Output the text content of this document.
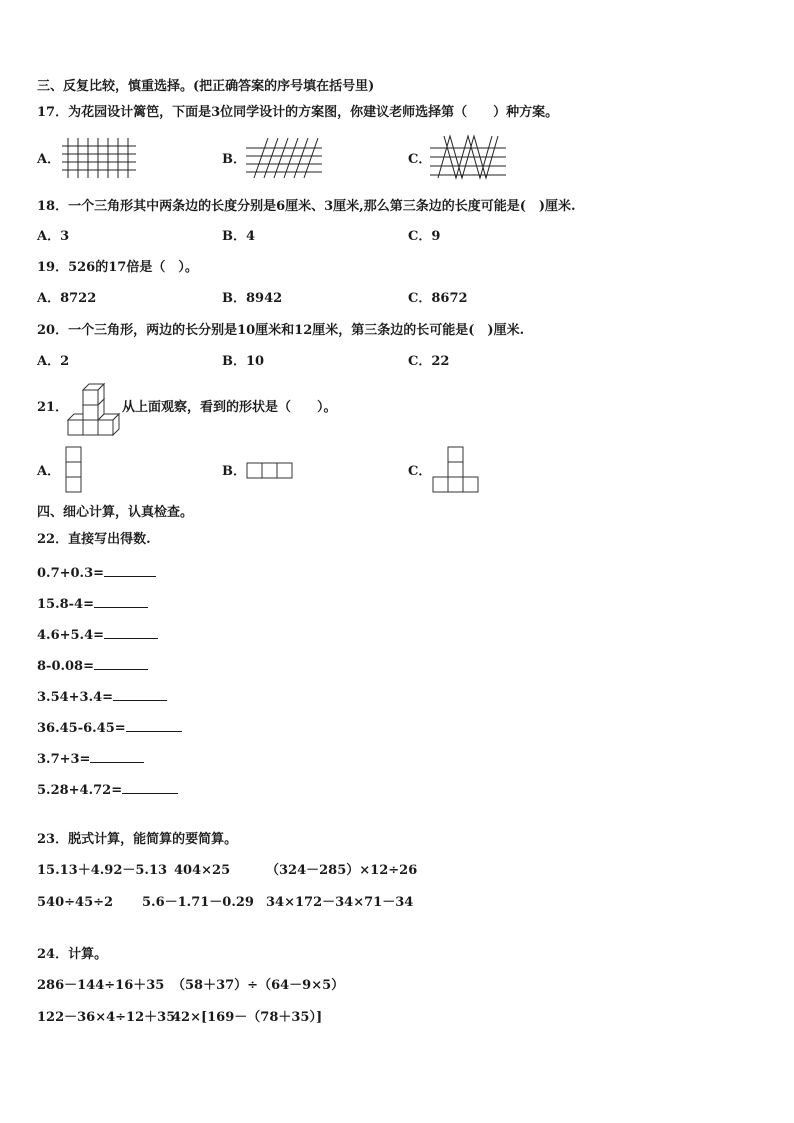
三、反复比较，慎重选择。(把正确答案的序号填在括号里)
17．为花园设计篱笆，下面是3位同学设计的方案图，你建议老师选择第（　　）种方案。
A．	B．	C．
18．一个三角形其中两条边的长度分别是6厘米、3厘米,那么第三条边的长度可能是(　)厘米.
A．3	B．4	C．9
19．526的17倍是（　）。
A．8722	B．8942	C．8672
20．一个三角形，两边的长分别是10厘米和12厘米，第三条边的长可能是(　)厘米.
A．2	B．10	C．22
21．	从上面观察，看到的形状是（　　）。
A．	B．	C．
四、细心计算，认真检查。
22．直接写出得数.
0.7+0.3=
15.8-4=
4.6+5.4=
8-0.08=
3.54+3.4=
36.45-6.45=
3.7+3=
5.28+4.72=
23．脱式计算，能简算的要简算。
15.13＋4.92－5.13 404×25	（324－285）×12÷26
540÷45÷2 5.6－1.71－0.29 34×172－34×71－34
24．计算。
286－144÷16＋35 （58＋37）÷（64－9×5）
122－36×4÷12＋35
42×[169－（78＋35）]
